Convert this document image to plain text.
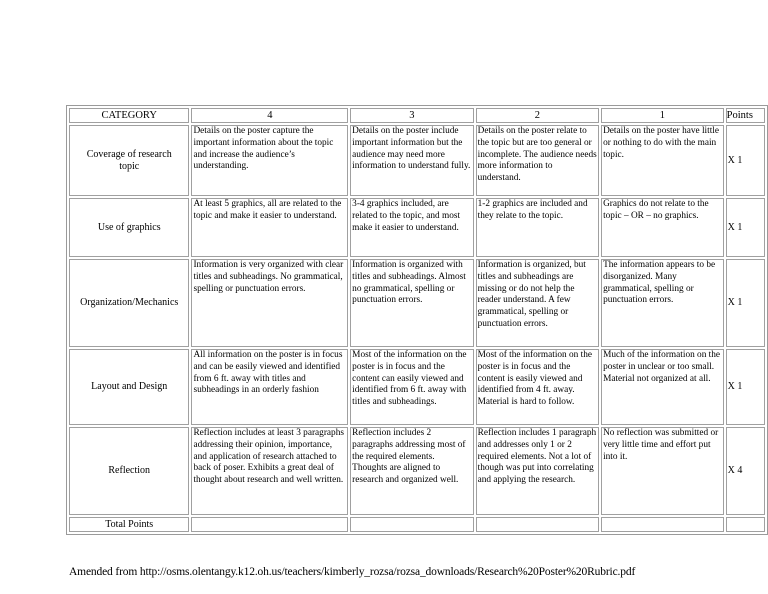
CATEGORY	4	3	2	1	Points
Coverage of research topic	Details on the poster capture the important information about the topic and increase the audience’s understanding.	Details on the poster include important information but the audience may need more information to understand fully.	Details on the poster relate to the topic but are too general or incomplete. The audience needs more information to understand.	Details on the poster have little or nothing to do with the main topic.	X 1
Use of graphics	At least 5 graphics, all are related to the topic and make it easier to understand.	3-4 graphics included, are related to the topic, and most make it easier to understand.	1-2 graphics are included and they relate to the topic.	Graphics do not relate to the topic – OR – no graphics.	X 1
Organization/Mechanics	Information is very organized with clear titles and subheadings. No grammatical, spelling or punctuation errors.	Information is organized with titles and subheadings. Almost no grammatical, spelling or punctuation errors.	Information is organized, but titles and subheadings are missing or do not help the reader understand. A few grammatical, spelling or punctuation errors.	The information appears to be disorganized. Many grammatical, spelling or punctuation errors.	X 1
Layout and Design	All information on the poster is in focus and can be easily viewed and identified from 6 ft. away with titles and subheadings in an orderly fashion	Most of the information on the poster is in focus and the content can easily viewed and identified from 6 ft. away with titles and subheadings.	Most of the information on the poster is in focus and the content is easily viewed and identified from 4 ft. away. Material is hard to follow.	Much of the information on the poster in unclear or too small. Material not organized at all.	X 1
Reflection	Reflection includes at least 3 paragraphs addressing their opinion, importance, and application of research attached to back of poser. Exhibits a great deal of thought about research and well written.	Reflection includes 2 paragraphs addressing most of the required elements. Thoughts are aligned to research and organized well.	Reflection includes 1 paragraph and addresses only 1 or 2 required elements. Not a lot of though was put into correlating and applying the research.	No reflection was submitted or very little time and effort put into it.	X 4
Total Points					
Amended from http://osms.olentangy.k12.oh.us/teachers/kimberly_rozsa/rozsa_downloads/Research%20Poster%20Rubric.pdf
